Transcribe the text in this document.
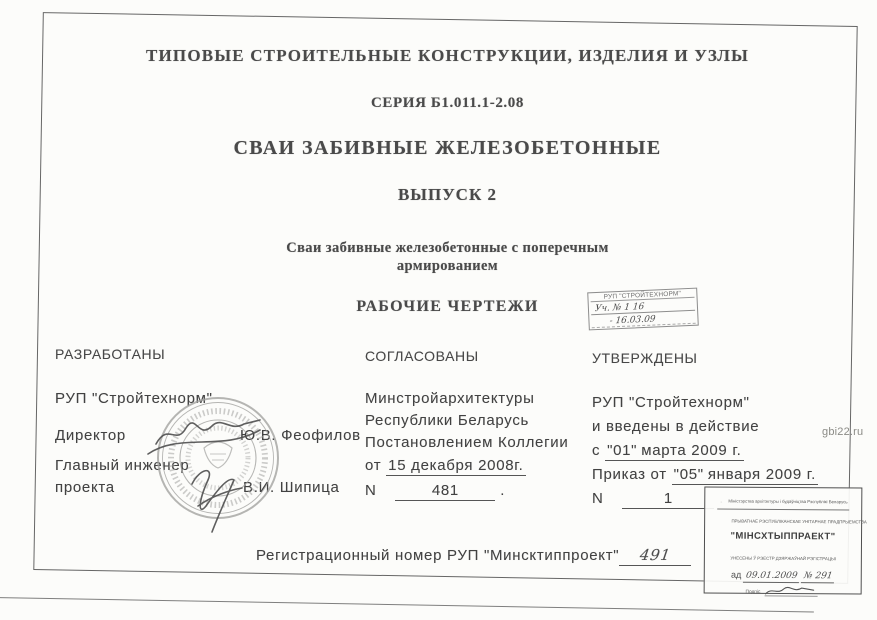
ТИПОВЫЕ СТРОИТЕЛЬНЫЕ КОНСТРУКЦИИ, ИЗДЕЛИЯ И УЗЛЫ
СЕРИЯ Б1.011.1-2.08
СВАИ ЗАБИВНЫЕ ЖЕЛЕЗОБЕТОННЫЕ
ВЫПУСК 2
Сваи забивные железобетонные с поперечным
армированием
РАБОЧИЕ ЧЕРТЕЖИ
РУП "СТРОЙТЕХНОРМ"
Уч. № 1 16
- 16.03.09
РАЗРАБОТАНЫ
РУП "Стройтехнорм"
Директор	Ю.В. Феофилов
Главный инженер
проекта	В.И. Шипица
СОГЛАСОВАНЫ
Минстройархитектуры
Республики Беларусь
Постановлением Коллегии
от 15 декабря 2008г.
N	481	.
УТВЕРЖДЕНЫ
РУП "Стройтехнорм"
и введены в действие
с "01" марта 2009 г.
Приказ от "05" января 2009 г.
N	1
Регистрационный номер РУП "Минсктиппроект" 491
Міністэрства архітэктуры і будаўніцтва Рэспублікі Беларусь
ПРЫВАТНАЕ РЭСПУБЛІКАНСКАЕ УНІТАРНАЕ ПРАДПРЫЕМСТВА
"МІНСХТЫППРАЕКТ"
УНЕСЕНЫ Ў РЭЕСТР ДЗЯРЖАЎНАЙ РЭГІСТРАЦЫІ
ад 09.01.2009 № 291
Подпіс
gbi22.ru
